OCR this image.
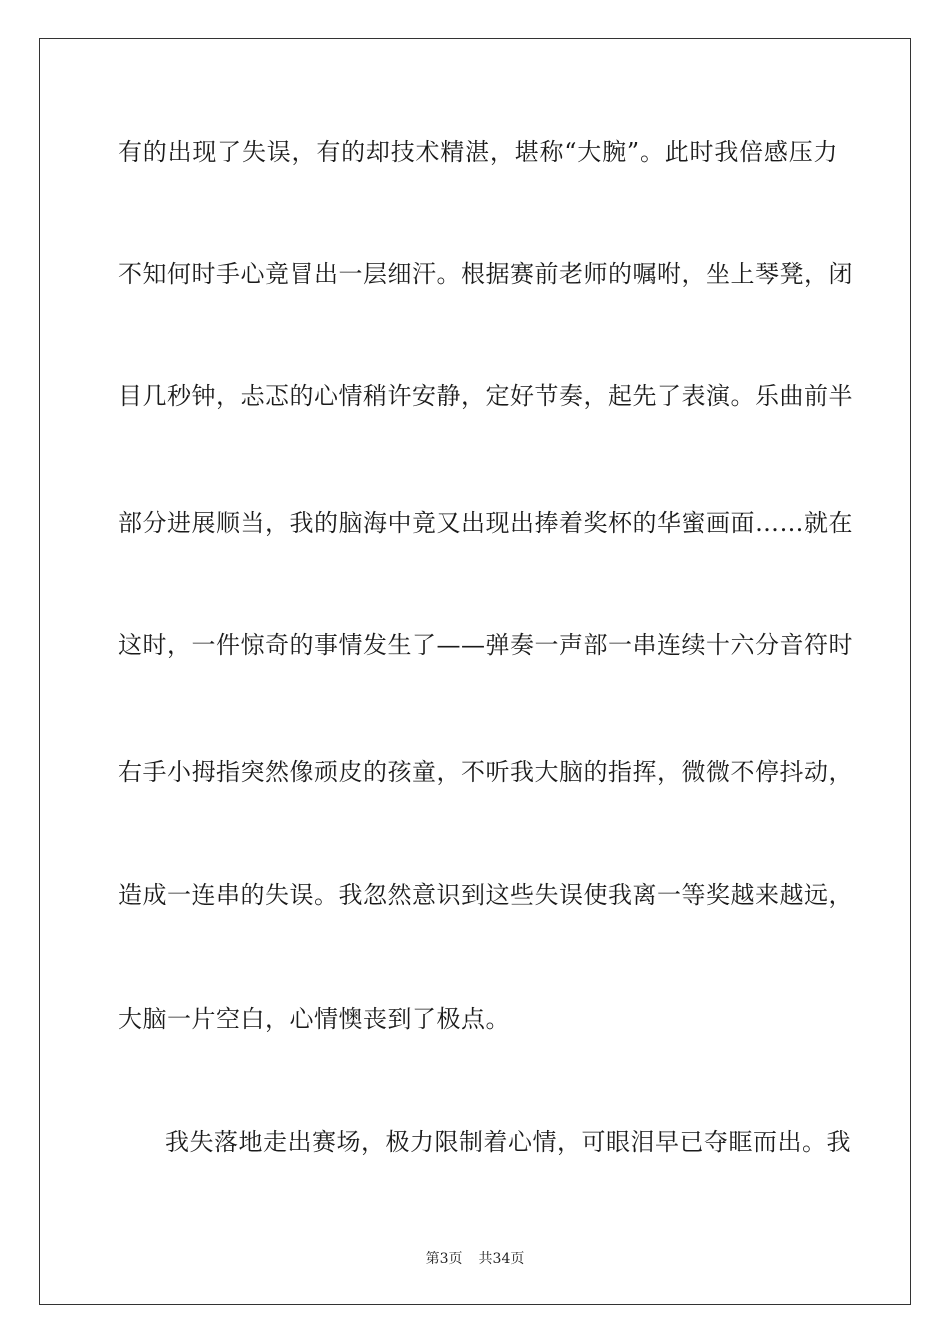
有的出现了失误，有的却技术精湛，堪称“大腕”。此时我倍感压力
不知何时手心竟冒出一层细汗。根据赛前老师的嘱咐，坐上琴凳，闭
目几秒钟，忐忑的心情稍许安静，定好节奏，起先了表演。乐曲前半
部分进展顺当，我的脑海中竟又出现出捧着奖杯的华蜜画面……就在
这时，一件惊奇的事情发生了——弹奏一声部一串连续十六分音符时
右手小拇指突然像顽皮的孩童，不听我大脑的指挥，微微不停抖动，
造成一连串的失误。我忽然意识到这些失误使我离一等奖越来越远，
大脑一片空白，心情懊丧到了极点。
我失落地走出赛场，极力限制着心情，可眼泪早已夺眶而出。我
第3页 共34页
